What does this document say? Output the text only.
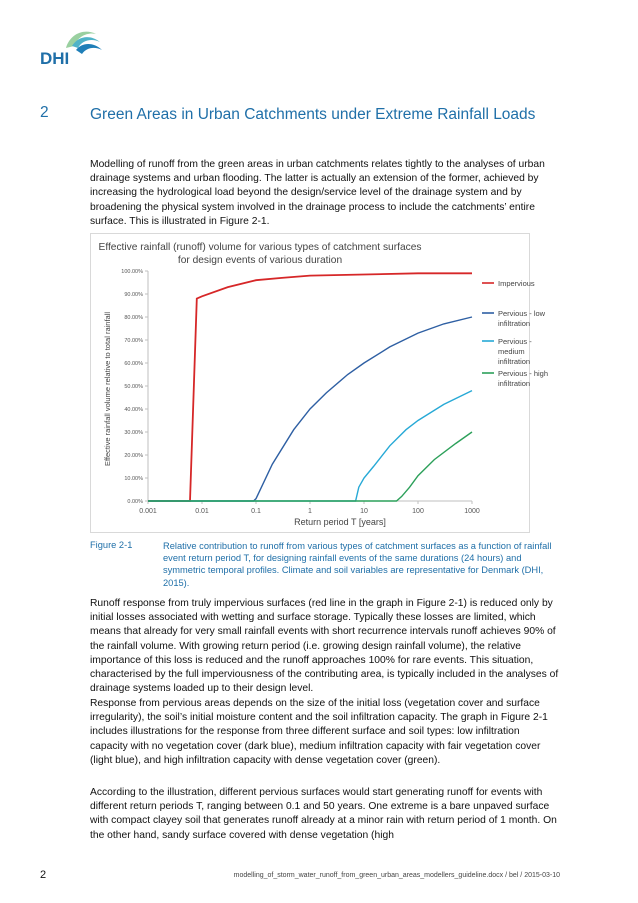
DHI
2	Green Areas in Urban Catchments under Extreme Rainfall Loads

Modelling of runoff from the green areas in urban catchments relates tightly to the analyses of urban drainage systems and urban flooding. The latter is actually an extension of the former, achieved by increasing the hydrological load beyond the design/service level of the drainage system and by broadening the physical system involved in the drainage process to include the catchments’ entire surface. This is illustrated in Figure 2-1.

Effective rainfall (runoff) volume for various types of catchment surfaces
for design events of various duration
Return period T [years]
Effective rainfall volume relative to total rainfall
0.00%
10.00%
20.00%
30.00%
40.00%
50.00%
60.00%
70.00%
80.00%
90.00%
100.00%
0.001	0.01	0.1	1	10	100	1000
Impervious
Pervious - low
infiltration
Pervious -
medium
infiltration
Pervious - high
infiltration
Figure 2-1	Relative contribution to runoff from various types of catchment surfaces as a function of rainfall event return period T, for designing rainfall events of the same durations (24 hours) and symmetric temporal profiles. Climate and soil variables are representative for Denmark (DHI, 2015).

Runoff response from truly impervious surfaces (red line in the graph in Figure 2-1) is reduced only by initial losses associated with wetting and surface storage. Typically these losses are limited, which means that already for very small rainfall events with short recurrence intervals runoff achieves 90% of the rainfall volume. With growing return period (i.e. growing design rainfall volume), the relative importance of this loss is reduced and the runoff approaches 100% for rare events. This situation, characterised by the full imperviousness of the contributing area, is typically included in the analyses of drainage systems loaded up to their design level.

Response from pervious areas depends on the size of the initial loss (vegetation cover and surface irregularity), the soil’s initial moisture content and the soil infiltration capacity. The graph in Figure 2-1 includes illustrations for the response from three different surface and soil types: low infiltration capacity with no vegetation cover (dark blue), medium infiltration capacity with fair vegetation cover (light blue), and high infiltration capacity with dense vegetation cover (green).

According to the illustration, different pervious surfaces would start generating runoff for events with different return periods T, ranging between 0.1 and 50 years. One extreme is a bare unpaved surface with compact clayey soil that generates runoff already at a minor rain with return period of 1 month. On the other hand, sandy surface covered with dense vegetation (high

2	modelling_of_storm_water_runoff_from_green_urban_areas_modellers_guideline.docx / bel / 2015-03-10
